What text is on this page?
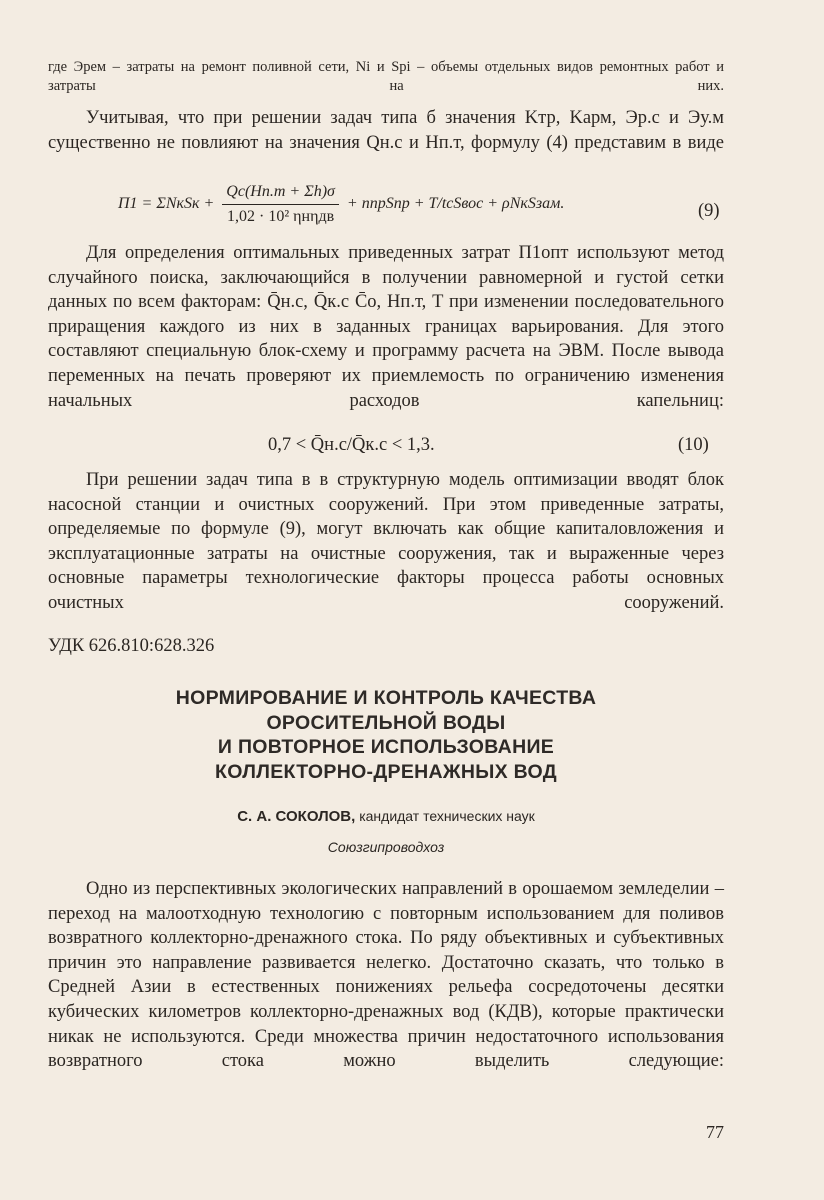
где Эрем – затраты на ремонт поливной сети, Ni и Spi – объемы отдельных видов ремонтных работ и затраты на них.

Учитывая, что при решении задач типа б значения Kтр, Kарм, Эр.с и Эу.м существенно не повлияют на значения Qн.с и Hп.т, формулу (4) представим в виде

П1 = ΣNкSк + $\frac{Qс(Hп.т + \Sigma h)\sigma}{\text{1,02 · 10² ηнηдв}}$ + nпрSпр + T/tсSвос + ρNкSзам.	(9)

Для определения оптимальных приведенных затрат П1опт используют метод случайного поиска, заключающийся в получении равномерной и густой сетки данных по всем факторам: Q̄н.с, Q̄к.с C̄о, Hп.т, T при изменении последовательного приращения каждого из них в заданных границах варьирования. Для этого составляют специальную блок-схему и программу расчета на ЭВМ. После вывода переменных на печать проверяют их приемлемость по ограничению изменения начальных расходов капельниц:

0,7 < Q̄н.с/Q̄к.с < 1,3.	(10)

При решении задач типа в в структурную модель оптимизации вводят блок насосной станции и очистных сооружений. При этом приведенные затраты, определяемые по формуле (9), могут включать как общие капиталовложения и эксплуатационные затраты на очистные сооружения, так и выраженные через основные параметры технологические факторы процесса работы основных очистных сооружений.

УДК 626.810:628.326
НОРМИРОВАНИЕ И КОНТРОЛЬ КАЧЕСТВА
ОРОСИТЕЛЬНОЙ ВОДЫ
И ПОВТОРНОЕ ИСПОЛЬЗОВАНИЕ
КОЛЛЕКТОРНО-ДРЕНАЖНЫХ ВОД
С. А. СОКОЛОВ, кандидат технических наук
Союзгипроводхоз

Одно из перспективных экологических направлений в орошаемом земледелии – переход на малоотходную технологию с повторным использованием для поливов возвратного коллекторно-дренажного стока. По ряду объективных и субъективных причин это направление развивается нелегко. Достаточно сказать, что только в Средней Азии в естественных понижениях рельефа сосредоточены десятки кубических километров коллекторно-дренажных вод (КДВ), которые практически никак не используются. Среди множества причин недостаточного использования возвратного стока можно выделить следующие:

77
